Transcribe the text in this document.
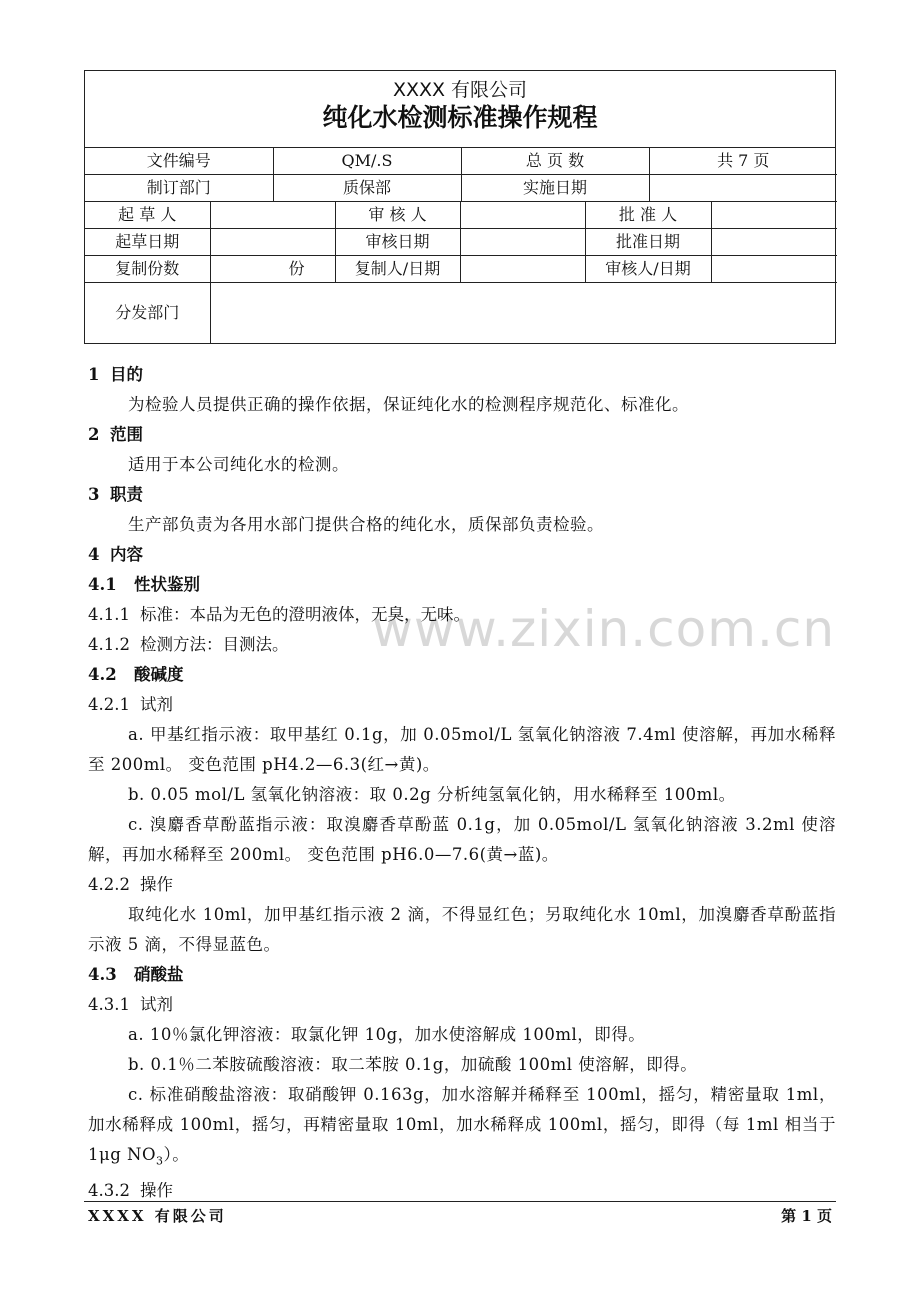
XXXX 有限公司
纯化水检测标准操作规程
文件编号	QM/.S	总 页 数	共 7 页
制订部门	质保部	实施日期	
起 草 人		审 核 人		批 准 人	
起草日期		审核日期		批准日期	
复制份数	份	复制人/日期		审核人/日期	
分发部门					
www.zixin.com.cn
1 目的
为检验人员提供正确的操作依据，保证纯化水的检测程序规范化、标准化。
2 范围
适用于本公司纯化水的检测。
3 职责
生产部负责为各用水部门提供合格的纯化水，质保部负责检验。
4 内容
4.1 性状鉴别
4.1.1 标准：本品为无色的澄明液体，无臭，无味。
4.1.2 检测方法：目测法。
4.2 酸碱度
4.2.1 试剂
a. 甲基红指示液：取甲基红 0.1g，加 0.05mol/L 氢氧化钠溶液 7.4ml 使溶解，再加水稀释至 200ml。 变色范围 pH4.2—6.3(红→黄)。
b. 0.05 mol/L 氢氧化钠溶液：取 0.2g 分析纯氢氧化钠，用水稀释至 100ml。
c. 溴麝香草酚蓝指示液：取溴麝香草酚蓝 0.1g，加 0.05mol/L 氢氧化钠溶液 3.2ml 使溶解，再加水稀释至 200ml。 变色范围 pH6.0—7.6(黄→蓝)。
4.2.2 操作
取纯化水 10ml，加甲基红指示液 2 滴，不得显红色；另取纯化水 10ml，加溴麝香草酚蓝指示液 5 滴，不得显蓝色。
4.3 硝酸盐
4.3.1 试剂
a. 10％氯化钾溶液：取氯化钾 10g，加水使溶解成 100ml，即得。
b. 0.1％二苯胺硫酸溶液：取二苯胺 0.1g，加硫酸 100ml 使溶解，即得。
c. 标准硝酸盐溶液：取硝酸钾 0.163g，加水溶解并稀释至 100ml，摇匀，精密量取 1ml，加水稀释成 100ml，摇匀，再精密量取 10ml，加水稀释成 100ml，摇匀，即得（每 1ml 相当于 1μg $NO_3$）。
4.3.2 操作
XXXX 有限公司	第 1 页
